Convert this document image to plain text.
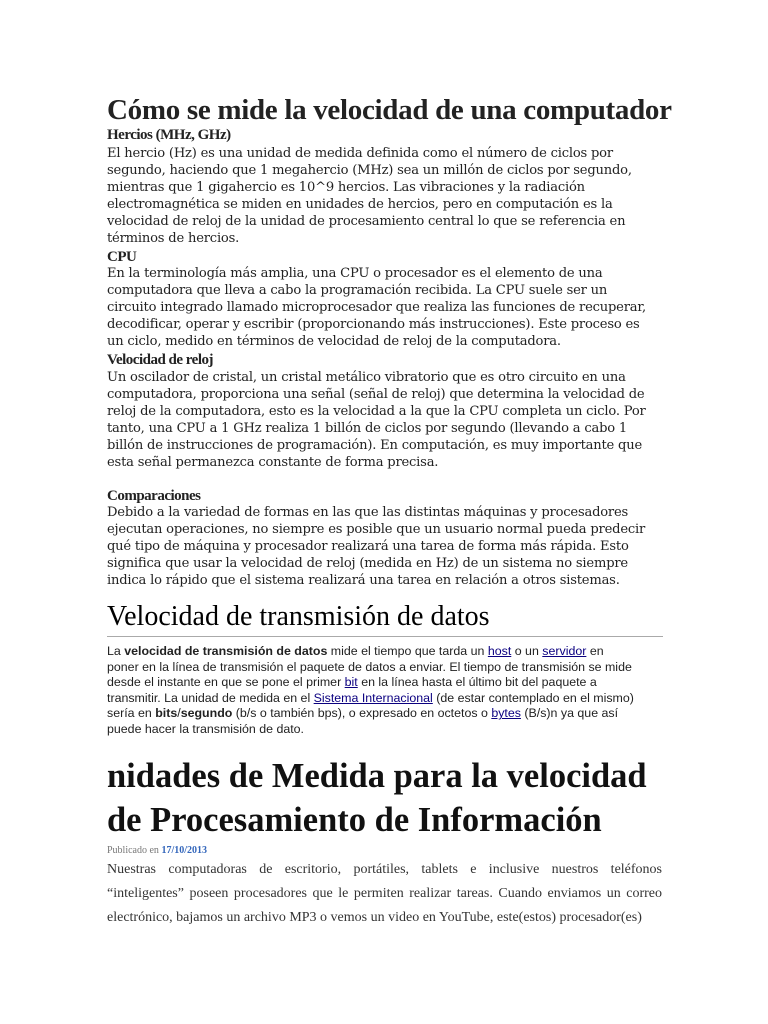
Cómo se mide la velocidad de una computador
Hercios (MHz, GHz)

El hercio (Hz) es una unidad de medida definida como el número de ciclos por segundo, haciendo que 1 megahercio (MHz) sea un millón de ciclos por segundo, mientras que 1 gigahercio es 10^9 hercios. Las vibraciones y la radiación electromagnética se miden en unidades de hercios, pero en computación es la velocidad de reloj de la unidad de procesamiento central lo que se referencia en términos de hercios.

CPU

En la terminología más amplia, una CPU o procesador es el elemento de una computadora que lleva a cabo la programación recibida. La CPU suele ser un circuito integrado llamado microprocesador que realiza las funciones de recuperar, decodificar, operar y escribir (proporcionando más instrucciones). Este proceso es un ciclo, medido en términos de velocidad de reloj de la computadora.

Velocidad de reloj

Un oscilador de cristal, un cristal metálico vibratorio que es otro circuito en una computadora, proporciona una señal (señal de reloj) que determina la velocidad de reloj de la computadora, esto es la velocidad a la que la CPU completa un ciclo. Por tanto, una CPU a 1 GHz realiza 1 billón de ciclos por segundo (llevando a cabo 1 billón de instrucciones de programación). En computación, es muy importante que esta señal permanezca constante de forma precisa.

Comparaciones

Debido a la variedad de formas en las que las distintas máquinas y procesadores ejecutan operaciones, no siempre es posible que un usuario normal pueda predecir qué tipo de máquina y procesador realizará una tarea de forma más rápida. Esto significa que usar la velocidad de reloj (medida en Hz) de un sistema no siempre indica lo rápido que el sistema realizará una tarea en relación a otros sistemas.

Velocidad de transmisión de datos

La velocidad de transmisión de datos mide el tiempo que tarda un host o un servidor en poner en la línea de transmisión el paquete de datos a enviar. El tiempo de transmisión se mide desde el instante en que se pone el primer bit en la línea hasta el último bit del paquete a transmitir. La unidad de medida en el Sistema Internacional (de estar contemplado en el mismo) sería en bits/segundo (b/s o también bps), o expresado en octetos o bytes (B/s)n ya que así puede hacer la transmisión de dato.

nidades de Medida para la velocidad de Procesamiento de Información

Publicado en 17/10/2013

Nuestras computadoras de escritorio, portátiles, tablets e inclusive nuestros teléfonos “inteligentes” poseen procesadores que le permiten realizar tareas. Cuando enviamos un correo electrónico, bajamos un archivo MP3 o vemos un video en YouTube, este(estos) procesador(es)
